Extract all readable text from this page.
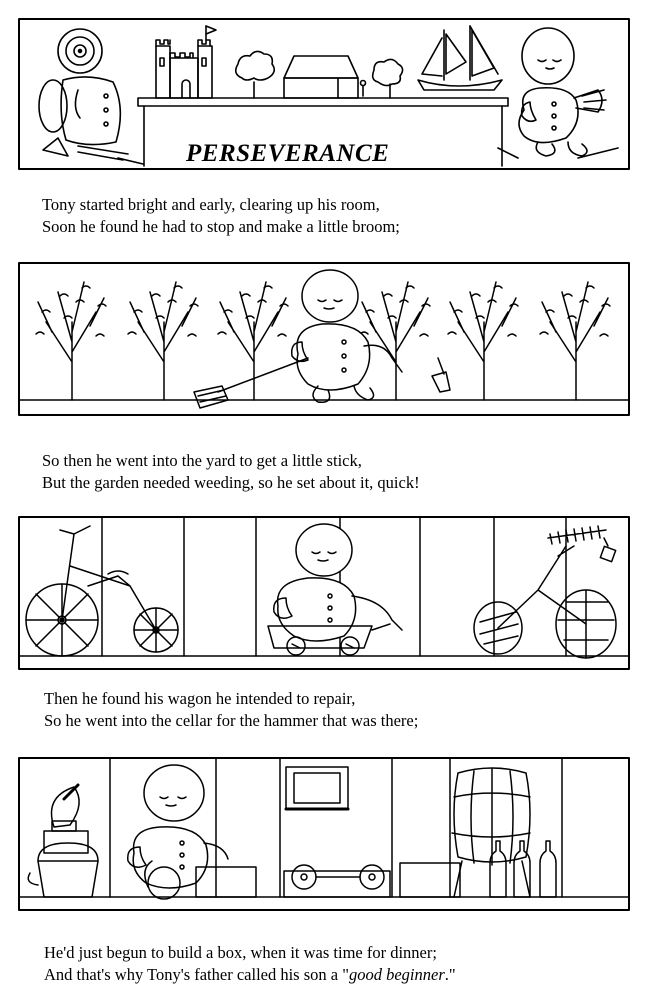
PERSEVERANCE
Tony started bright and early, clearing up his room,
Soon he found he had to stop and make a little broom;
So then he went into the yard to get a little stick,
But the garden needed weeding, so he set about it, quick!
Then he found his wagon he intended to repair,
So he went into the cellar for the hammer that was there;
He'd just begun to build a box, when it was time for dinner;
And that's why Tony's father called his son a "good beginner."
